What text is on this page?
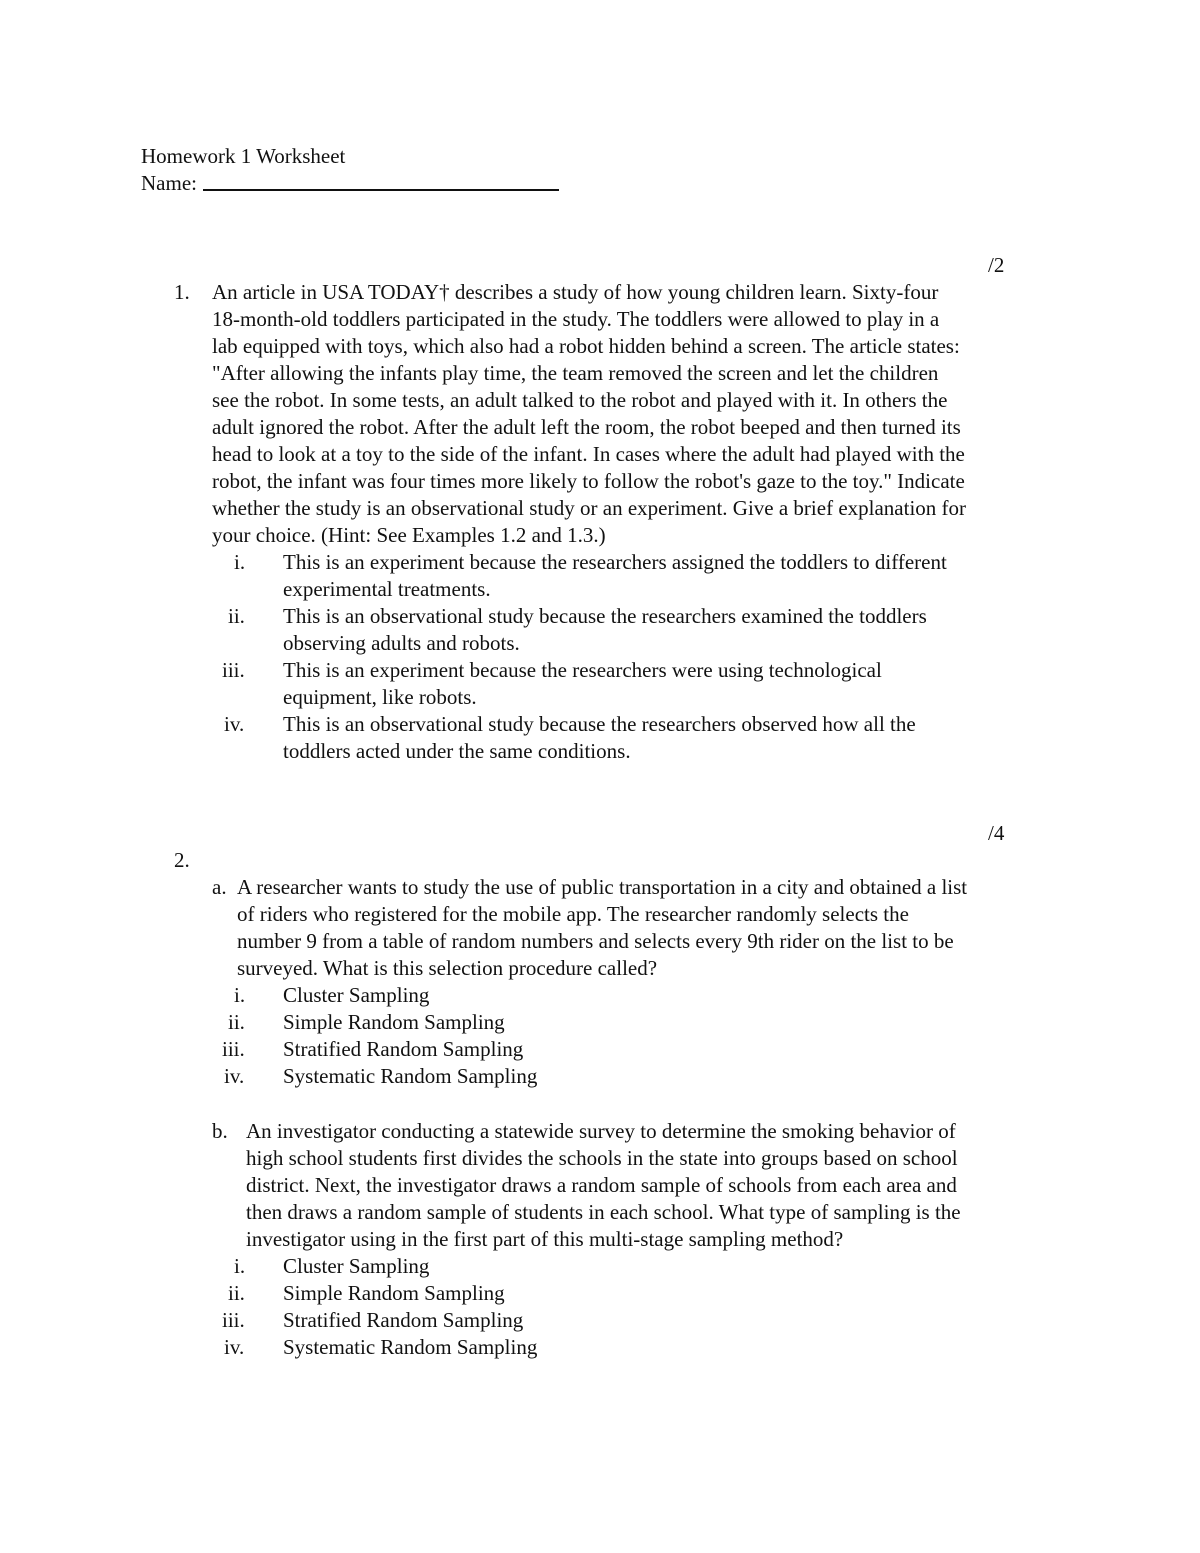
Homework 1 Worksheet
Name:
/2
1. An article in USA TODAY† describes a study of how young children learn. Sixty-four
18-month-old toddlers participated in the study. The toddlers were allowed to play in a
lab equipped with toys, which also had a robot hidden behind a screen. The article states:
"After allowing the infants play time, the team removed the screen and let the children
see the robot. In some tests, an adult talked to the robot and played with it. In others the
adult ignored the robot. After the adult left the room, the robot beeped and then turned its
head to look at a toy to the side of the infant. In cases where the adult had played with the
robot, the infant was four times more likely to follow the robot's gaze to the toy." Indicate
whether the study is an observational study or an experiment. Give a brief explanation for
your choice. (Hint: See Examples 1.2 and 1.3.)
i. This is an experiment because the researchers assigned the toddlers to different
experimental treatments.
ii. This is an observational study because the researchers examined the toddlers
observing adults and robots.
iii. This is an experiment because the researchers were using technological
equipment, like robots.
iv. This is an observational study because the researchers observed how all the
toddlers acted under the same conditions.
/4
2.
a. A researcher wants to study the use of public transportation in a city and obtained a list
of riders who registered for the mobile app. The researcher randomly selects the
number 9 from a table of random numbers and selects every 9th rider on the list to be
surveyed. What is this selection procedure called?
i. Cluster Sampling
ii. Simple Random Sampling
iii. Stratified Random Sampling
iv. Systematic Random Sampling
b. An investigator conducting a statewide survey to determine the smoking behavior of
high school students first divides the schools in the state into groups based on school
district. Next, the investigator draws a random sample of schools from each area and
then draws a random sample of students in each school. What type of sampling is the
investigator using in the first part of this multi-stage sampling method?
i. Cluster Sampling
ii. Simple Random Sampling
iii. Stratified Random Sampling
iv. Systematic Random Sampling
